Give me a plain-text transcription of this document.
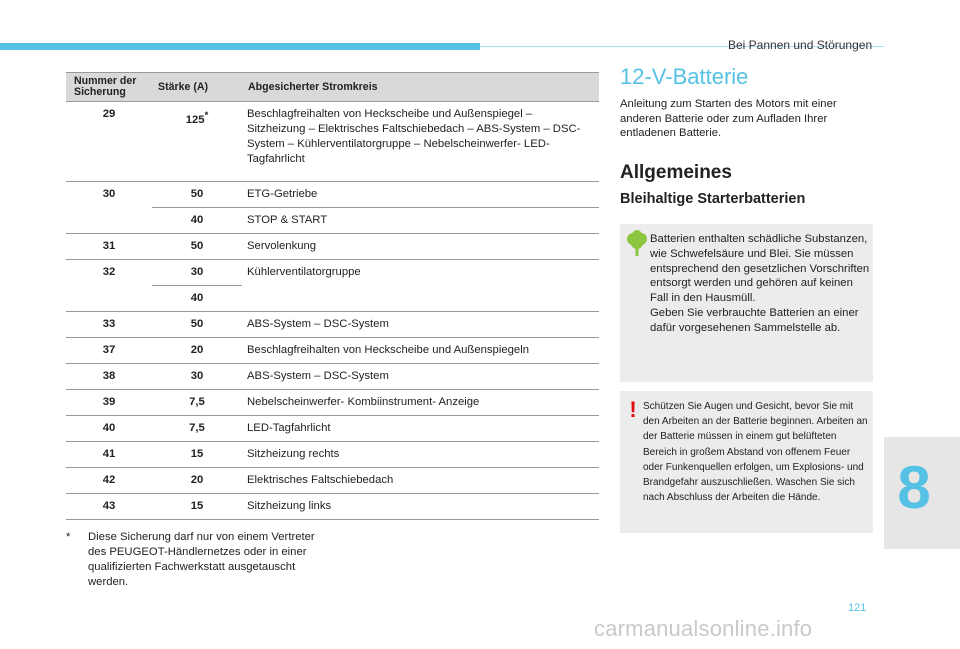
Bei Pannen und Störungen
Nummer der Sicherung	Stärke (A)	Abgesicherter Stromkreis
29	125*	Beschlagfreihalten von Heckscheibe und Außenspiegel – Sitzheizung – Elektrisches Faltschiebedach – ABS-System – DSC-System – Kühlerventilatorgruppe – Nebelscheinwerfer- LED-Tagfahrlicht
30	50	ETG-Getriebe
	40	STOP & START
31	50	Servolenkung
32	30	Kühlerventilatorgruppe
	40	
33	50	ABS-System – DSC-System
37	20	Beschlagfreihalten von Heckscheibe und Außenspiegeln
38	30	ABS-System – DSC-System
39	7,5	Nebelscheinwerfer- Kombiinstrument- Anzeige
40	7,5	LED-Tagfahrlicht
41	15	Sitzheizung rechts
42	20	Elektrisches Faltschiebedach
43	15	Sitzheizung links
* Diese Sicherung darf nur von einem Vertreter des PEUGEOT-Händlernetzes oder in einer qualifizierten Fachwerkstatt ausgetauscht werden.
12-V-Batterie
Anleitung zum Starten des Motors mit einer anderen Batterie oder zum Aufladen Ihrer entladenen Batterie.
Allgemeines
Bleihaltige Starterbatterien

Batterien enthalten schädliche Substanzen, wie Schwefelsäure und Blei. Sie müssen entsprechend den gesetzlichen Vorschriften entsorgt werden und gehören auf keinen Fall in den Hausmüll.

Geben Sie verbrauchte Batterien an einer dafür vorgesehenen Sammelstelle ab.

! Schützen Sie Augen und Gesicht, bevor Sie mit den Arbeiten an der Batterie beginnen. Arbeiten an der Batterie müssen in einem gut belüfteten Bereich in großem Abstand von offenem Feuer oder Funkenquellen erfolgen, um Explosions- und Brandgefahr auszuschließen. Waschen Sie sich nach Abschluss der Arbeiten die Hände.	8
121
carmanualsonline.info
